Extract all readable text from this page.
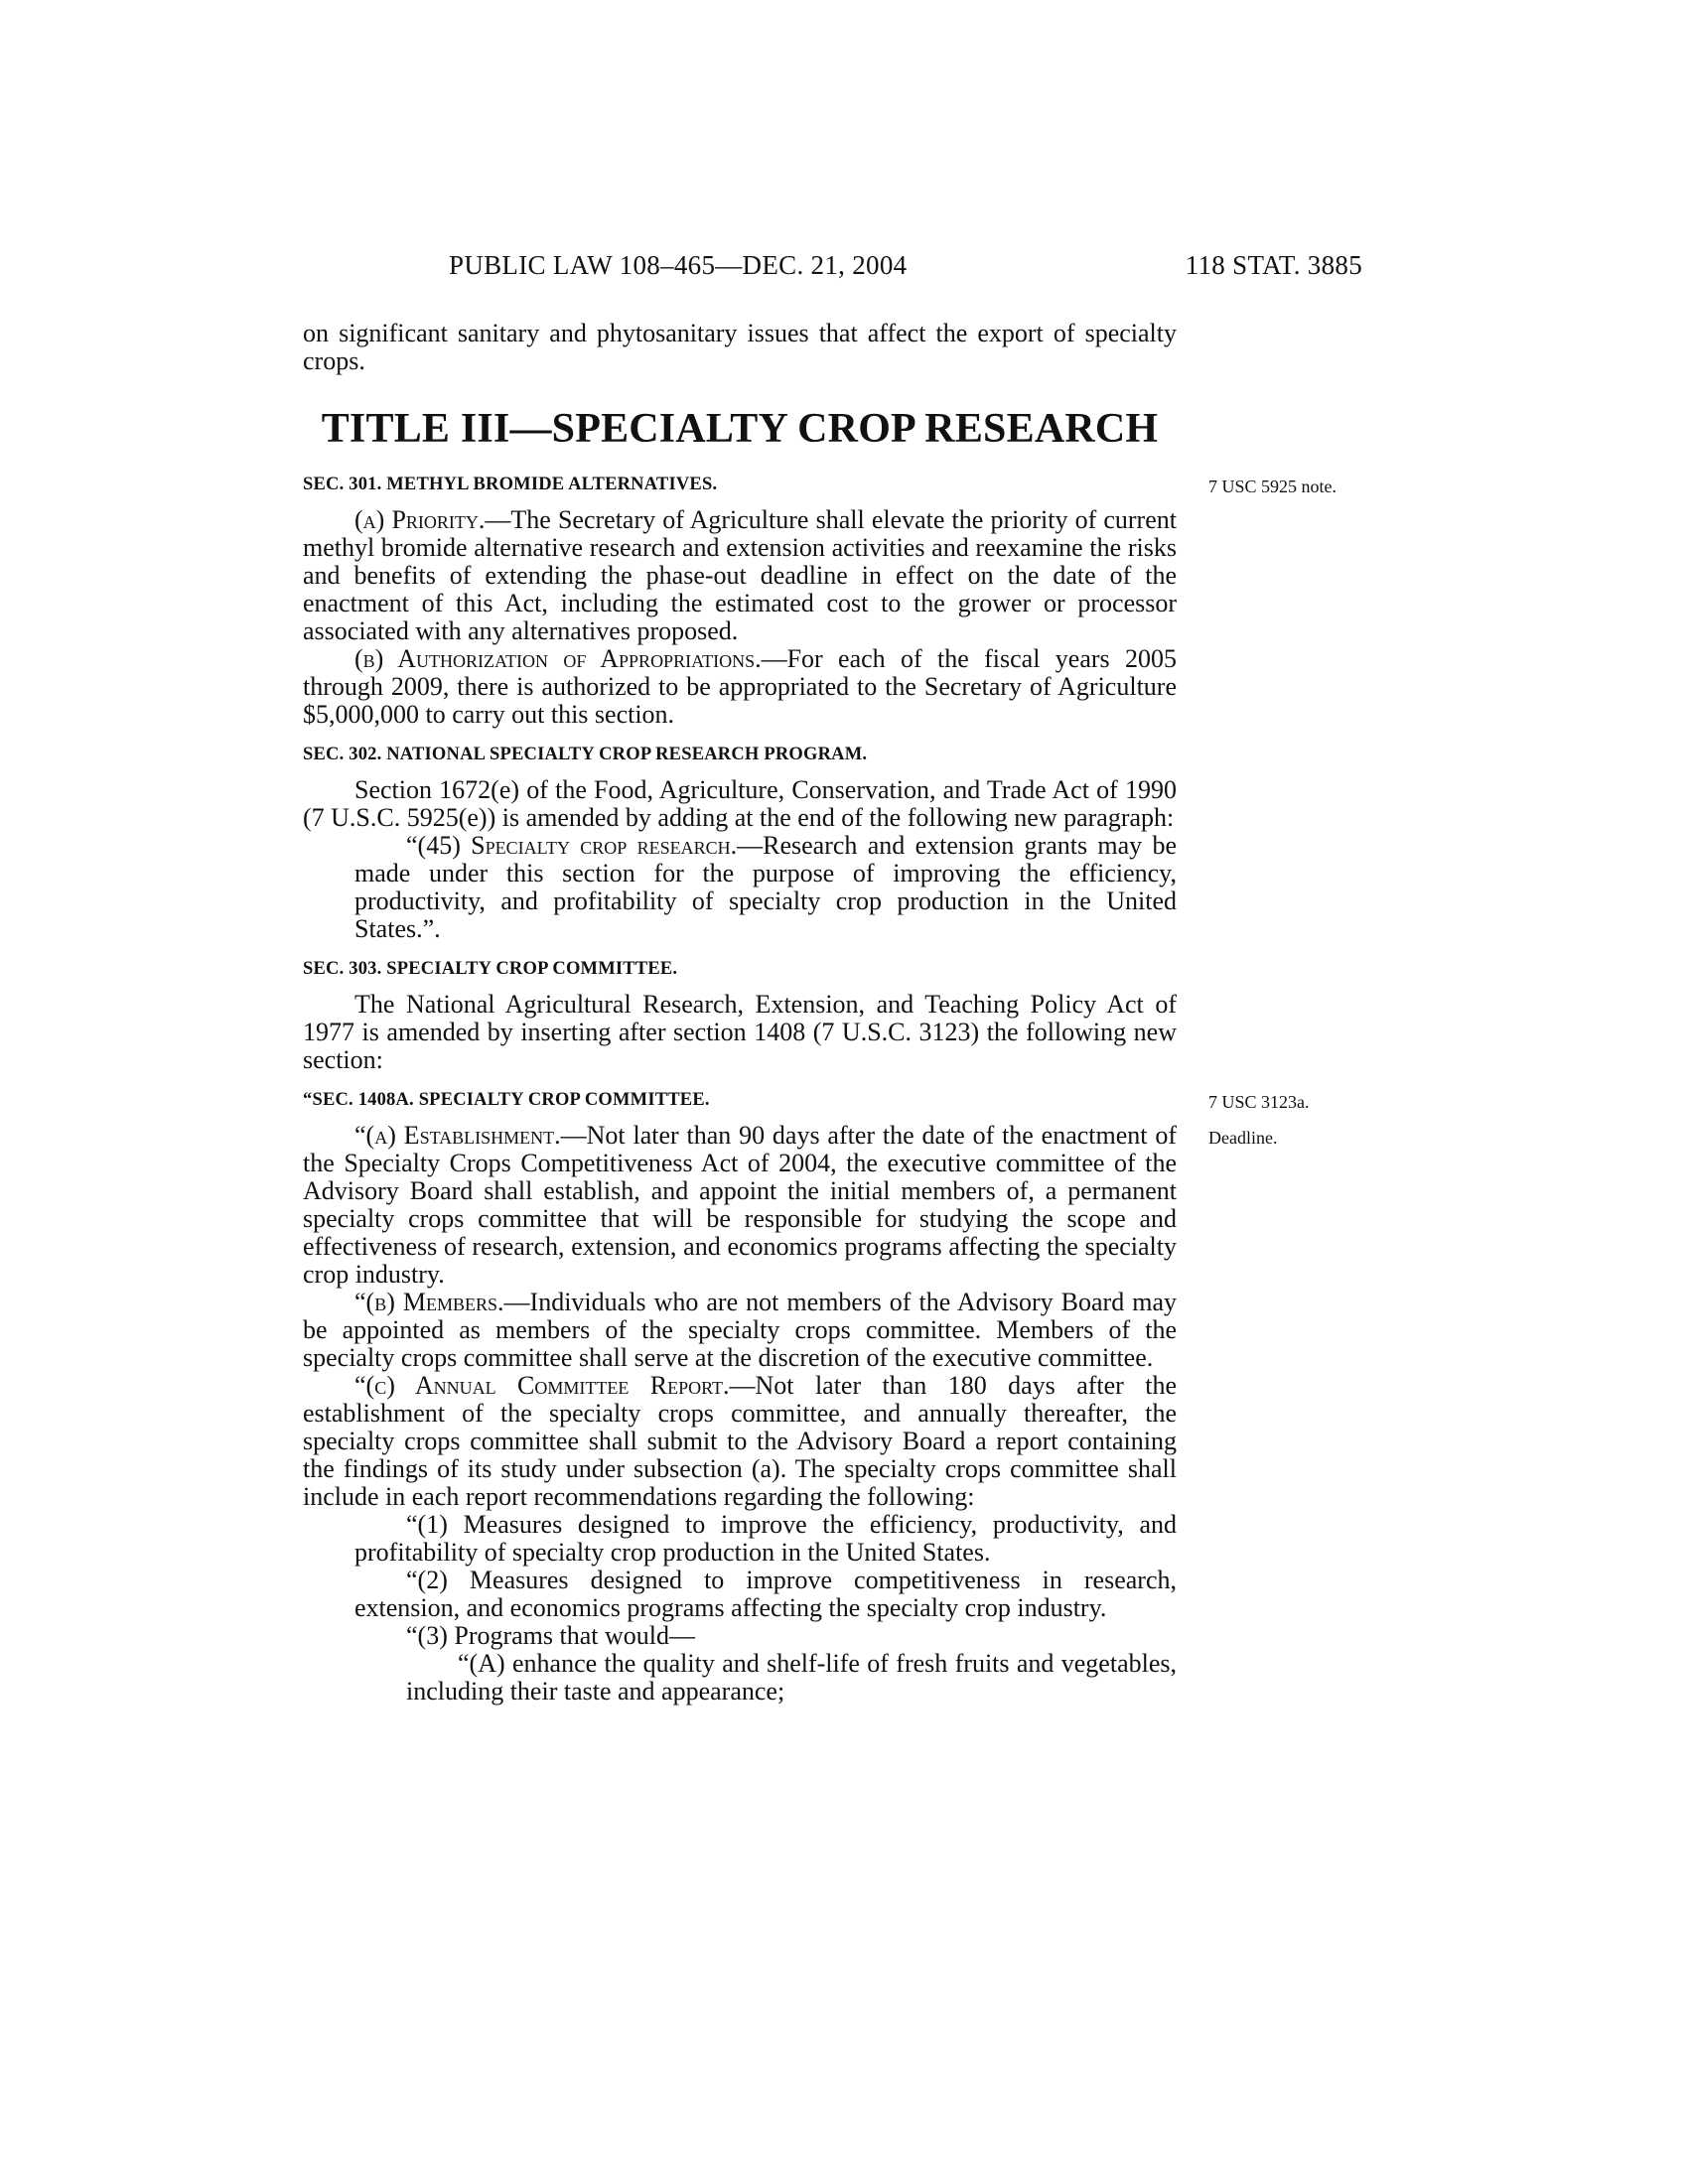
PUBLIC LAW 108–465—DEC. 21, 2004	118 STAT. 3885

on significant sanitary and phytosanitary issues that affect the export of specialty crops.

TITLE III—SPECIALTY CROP RESEARCH
SEC. 301. METHYL BROMIDE ALTERNATIVES.	7 USC 5925 note.

(a) Priority.—The Secretary of Agriculture shall elevate the priority of current methyl bromide alternative research and extension activities and reexamine the risks and benefits of extending the phase-out deadline in effect on the date of the enactment of this Act, including the estimated cost to the grower or processor associated with any alternatives proposed.

(b) Authorization of Appropriations.—For each of the fiscal years 2005 through 2009, there is authorized to be appropriated to the Secretary of Agriculture $5,000,000 to carry out this section.

SEC. 302. NATIONAL SPECIALTY CROP RESEARCH PROGRAM.

Section 1672(e) of the Food, Agriculture, Conservation, and Trade Act of 1990 (7 U.S.C. 5925(e)) is amended by adding at the end of the following new paragraph:

“(45) Specialty crop research.—Research and extension grants may be made under this section for the purpose of improving the efficiency, productivity, and profitability of specialty crop production in the United States.”.

SEC. 303. SPECIALTY CROP COMMITTEE.

The National Agricultural Research, Extension, and Teaching Policy Act of 1977 is amended by inserting after section 1408 (7 U.S.C. 3123) the following new section:

“SEC. 1408A. SPECIALTY CROP COMMITTEE.	7 USC 3123a.

“(a) Establishment.—Not later than 90 days after the date of the enactment of the Specialty Crops Competitiveness Act of 2004, the executive committee of the Advisory Board shall establish, and appoint the initial members of, a permanent specialty crops committee that will be responsible for studying the scope and effectiveness of research, extension, and economics programs affecting the specialty crop industry.
Deadline.

“(b) Members.—Individuals who are not members of the Advisory Board may be appointed as members of the specialty crops committee. Members of the specialty crops committee shall serve at the discretion of the executive committee.

“(c) Annual Committee Report.—Not later than 180 days after the establishment of the specialty crops committee, and annually thereafter, the specialty crops committee shall submit to the Advisory Board a report containing the findings of its study under subsection (a). The specialty crops committee shall include in each report recommendations regarding the following:

“(1) Measures designed to improve the efficiency, productivity, and profitability of specialty crop production in the United States.

“(2) Measures designed to improve competitiveness in research, extension, and economics programs affecting the specialty crop industry.

“(3) Programs that would—

“(A) enhance the quality and shelf-life of fresh fruits and vegetables, including their taste and appearance;
